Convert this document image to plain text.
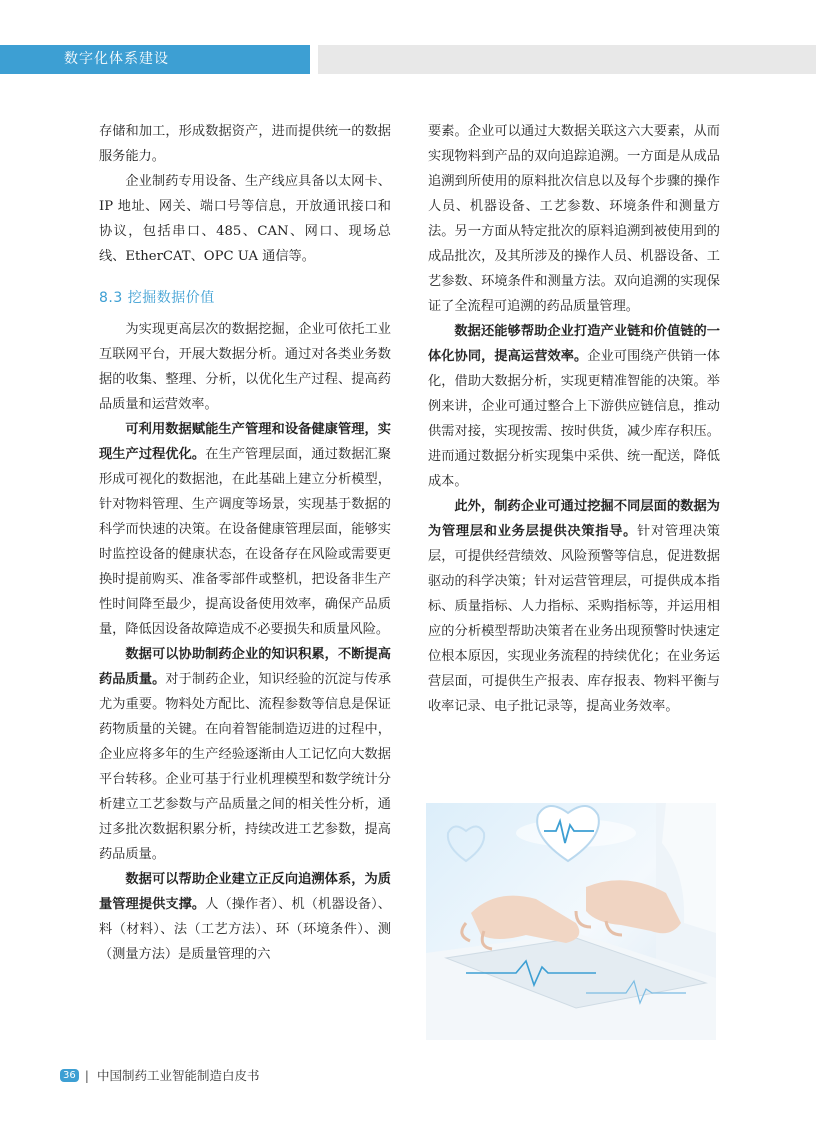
数字化体系建设

存储和加工，形成数据资产，进而提供统一的数据服务能力。

企业制药专用设备、生产线应具备以太网卡、IP 地址、网关、端口号等信息，开放通讯接口和协议，包括串口、485、CAN、网口、现场总线、EtherCAT、OPC UA 通信等。

8.3 挖掘数据价值

为实现更高层次的数据挖掘，企业可依托工业互联网平台，开展大数据分析。通过对各类业务数据的收集、整理、分析，以优化生产过程、提高药品质量和运营效率。

可利用数据赋能生产管理和设备健康管理，实现生产过程优化。在生产管理层面，通过数据汇聚形成可视化的数据池，在此基础上建立分析模型，针对物料管理、生产调度等场景，实现基于数据的科学而快速的决策。在设备健康管理层面，能够实时监控设备的健康状态，在设备存在风险或需要更换时提前购买、准备零部件或整机，把设备非生产性时间降至最少，提高设备使用效率，确保产品质量，降低因设备故障造成不必要损失和质量风险。

数据可以协助制药企业的知识积累，不断提高药品质量。对于制药企业，知识经验的沉淀与传承尤为重要。物料处方配比、流程参数等信息是保证药物质量的关键。在向着智能制造迈进的过程中，企业应将多年的生产经验逐渐由人工记忆向大数据平台转移。企业可基于行业机理模型和数学统计分析建立工艺参数与产品质量之间的相关性分析，通过多批次数据积累分析，持续改进工艺参数，提高药品质量。

数据可以帮助企业建立正反向追溯体系，为质量管理提供支撑。人（操作者）、机（机器设备）、料（材料）、法（工艺方法）、环（环境条件）、测（测量方法）是质量管理的六

要素。企业可以通过大数据关联这六大要素，从而实现物料到产品的双向追踪追溯。一方面是从成品追溯到所使用的原料批次信息以及每个步骤的操作人员、机器设备、工艺参数、环境条件和测量方法。另一方面从特定批次的原料追溯到被使用到的成品批次，及其所涉及的操作人员、机器设备、工艺参数、环境条件和测量方法。双向追溯的实现保证了全流程可追溯的药品质量管理。

数据还能够帮助企业打造产业链和价值链的一体化协同，提高运营效率。企业可围绕产供销一体化，借助大数据分析，实现更精准智能的决策。举例来讲，企业可通过整合上下游供应链信息，推动供需对接，实现按需、按时供货，减少库存积压。进而通过数据分析实现集中采供、统一配送，降低成本。

此外，制药企业可通过挖掘不同层面的数据为为管理层和业务层提供决策指导。针对管理决策层，可提供经营绩效、风险预警等信息，促进数据驱动的科学决策；针对运营管理层，可提供成本指标、质量指标、人力指标、采购指标等，并运用相应的分析模型帮助决策者在业务出现预警时快速定位根本原因，实现业务流程的持续优化；在业务运营层面，可提供生产报表、库存报表、物料平衡与收率记录、电子批记录等，提高业务效率。

36 | 中国制药工业智能制造白皮书
